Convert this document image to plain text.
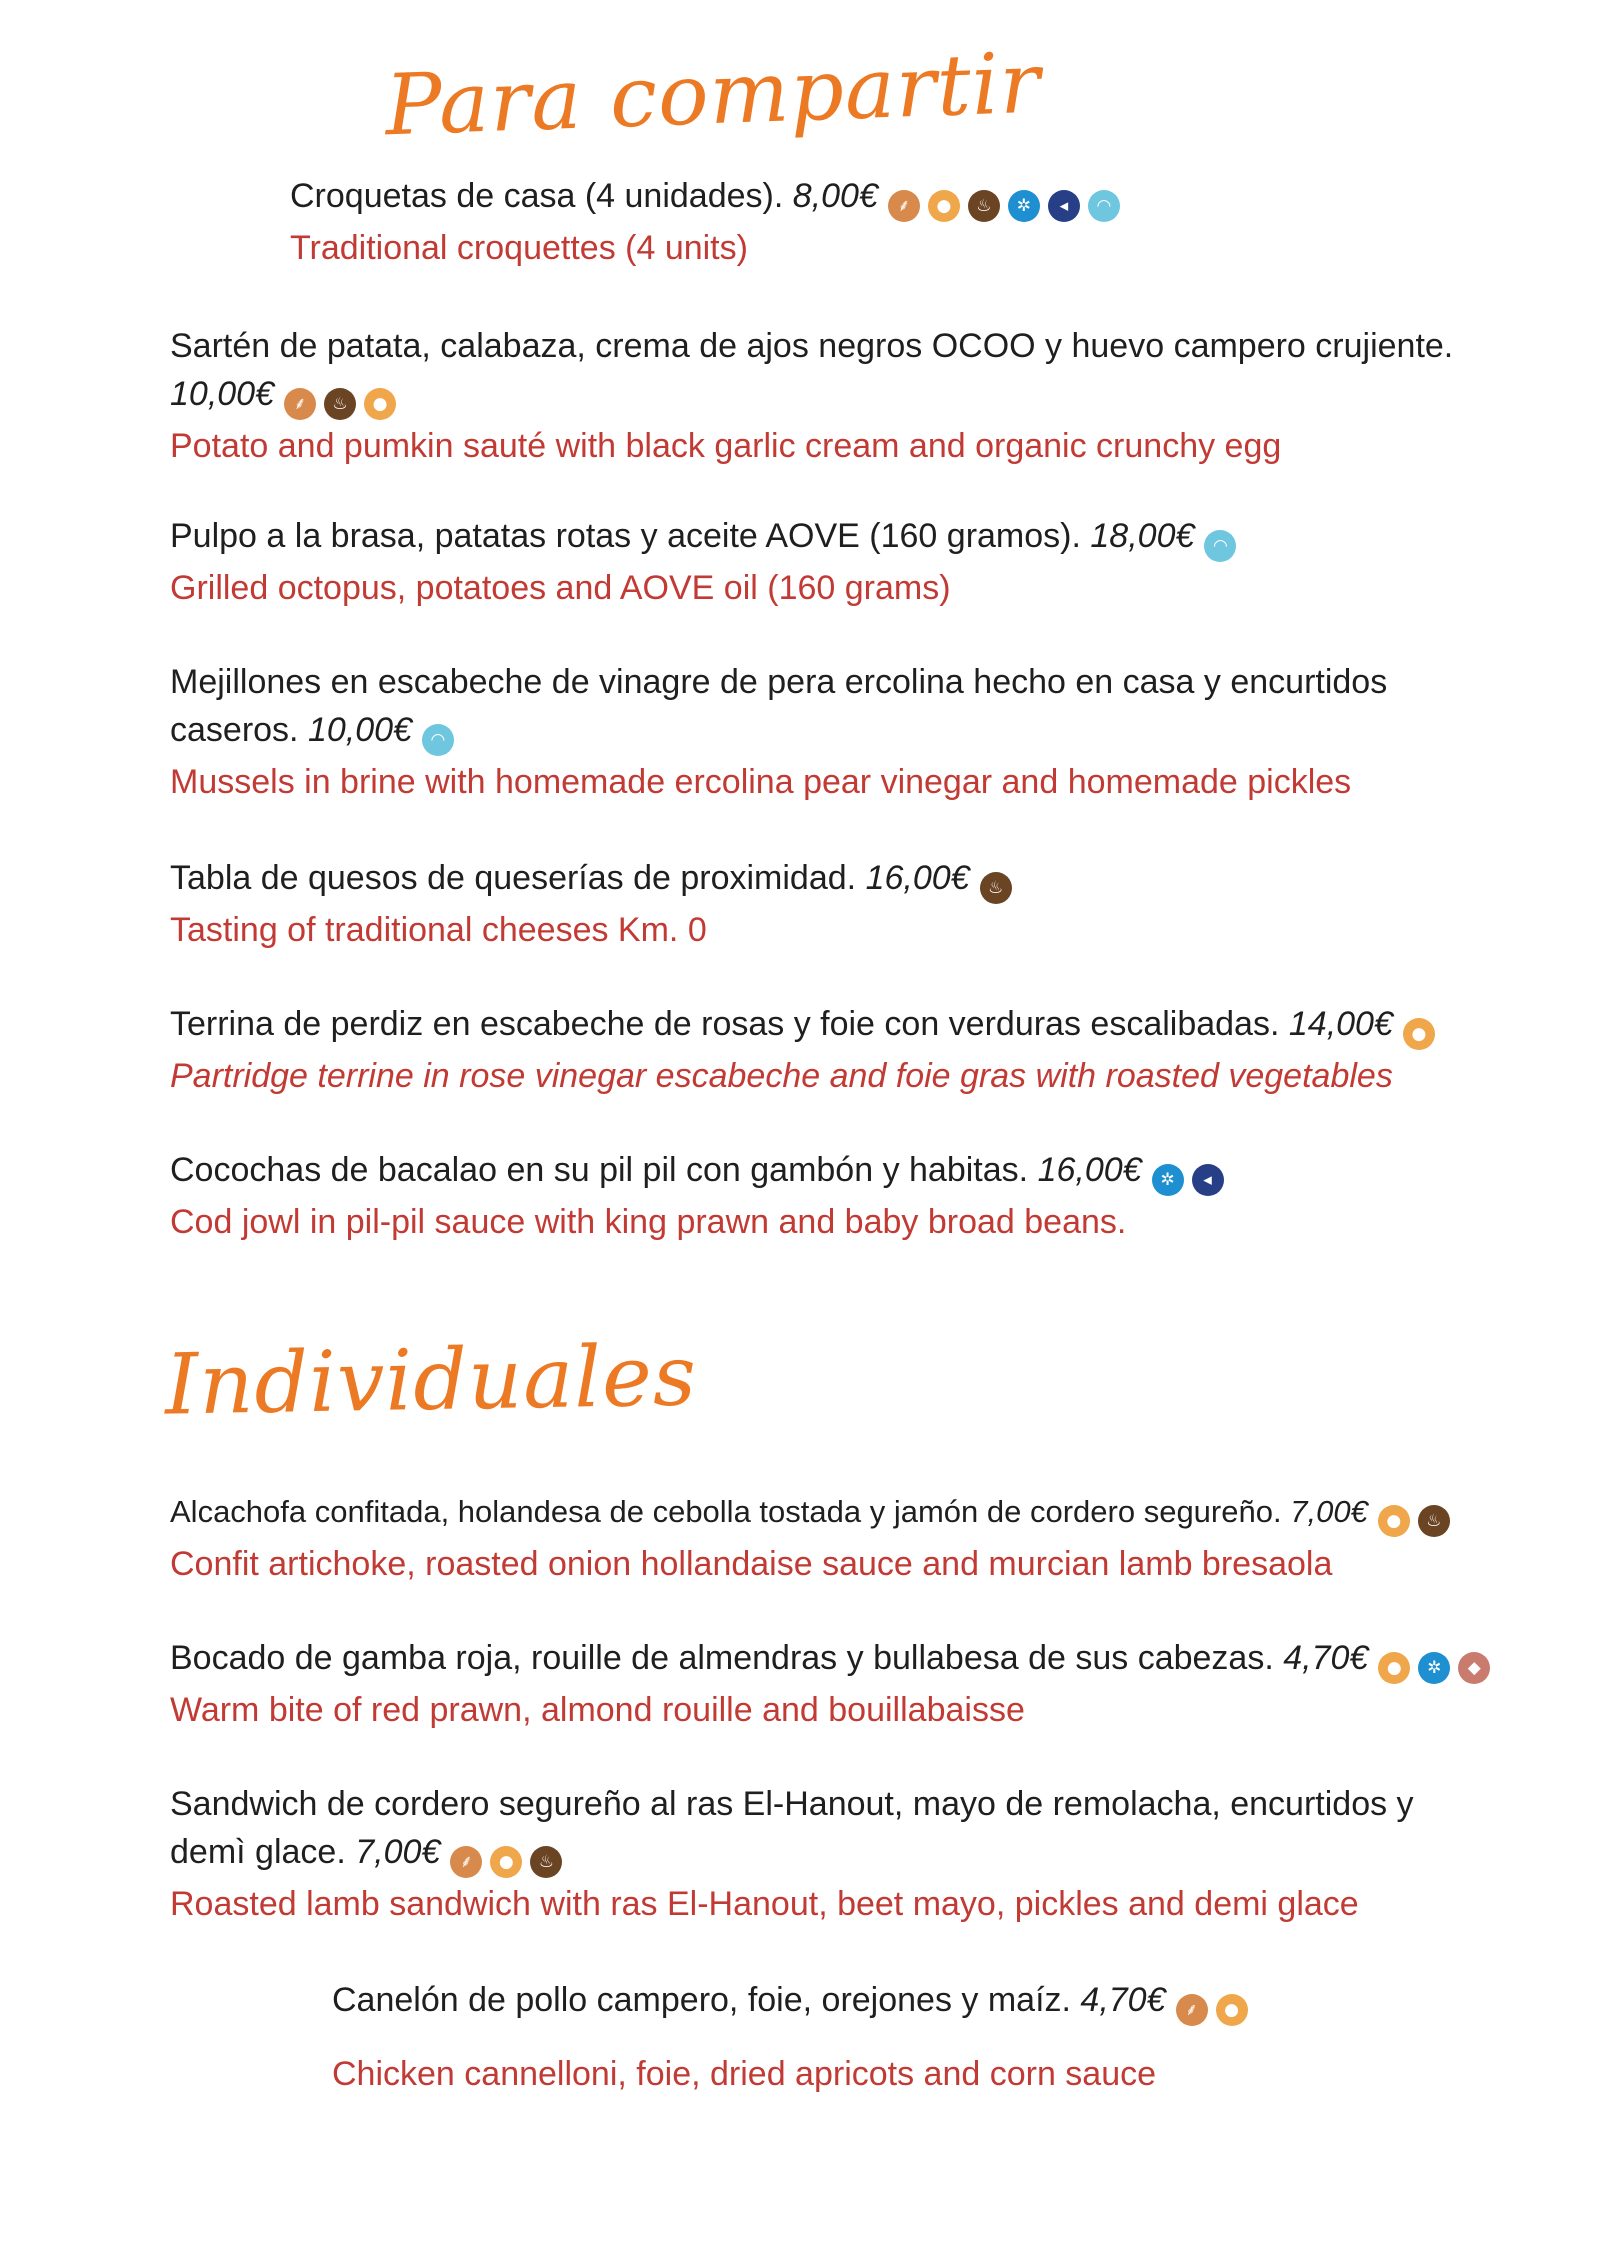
Para compartir

Croquetas de casa (4 unidades). 8,00€ ⸙ ● ♨ ✲ ◂ ◠

Traditional croquettes (4 units)

Sartén de patata, calabaza, crema de ajos negros OCOO y huevo campero crujiente.

10,00€ ⸙ ♨ ●

Potato and pumkin sauté with black garlic cream and organic crunchy egg

Pulpo a la brasa, patatas rotas y aceite AOVE (160 gramos). 18,00€ ◠

Grilled octopus, potatoes and AOVE oil (160 grams)

Mejillones en escabeche de vinagre de pera ercolina hecho en casa y encurtidos caseros. 10,00€ ◠

Mussels in brine with homemade ercolina pear vinegar and homemade pickles

Tabla de quesos de queserías de proximidad. 16,00€ ♨

Tasting of traditional cheeses Km. 0

Terrina de perdiz en escabeche de rosas y foie con verduras escalibadas. 14,00€ ●

Partridge terrine in rose vinegar escabeche and foie gras with roasted vegetables

Cocochas de bacalao en su pil pil con gambón y habitas. 16,00€ ✲ ◂

Cod jowl in pil-pil sauce with king prawn and baby broad beans.

Individuales

Alcachofa confitada, holandesa de cebolla tostada y jamón de cordero segureño. 7,00€ ● ♨

Confit artichoke, roasted onion hollandaise sauce and murcian lamb bresaola

Bocado de gamba roja, rouille de almendras y bullabesa de sus cabezas. 4,70€ ● ✲ ◆

Warm bite of red prawn, almond rouille and bouillabaisse

Sandwich de cordero segureño al ras El-Hanout, mayo de remolacha, encurtidos y demì glace. 7,00€ ⸙ ● ♨

Roasted lamb sandwich with ras El-Hanout, beet mayo, pickles and demi glace

Canelón de pollo campero, foie, orejones y maíz. 4,70€ ⸙ ●

Chicken cannelloni, foie, dried apricots and corn sauce
